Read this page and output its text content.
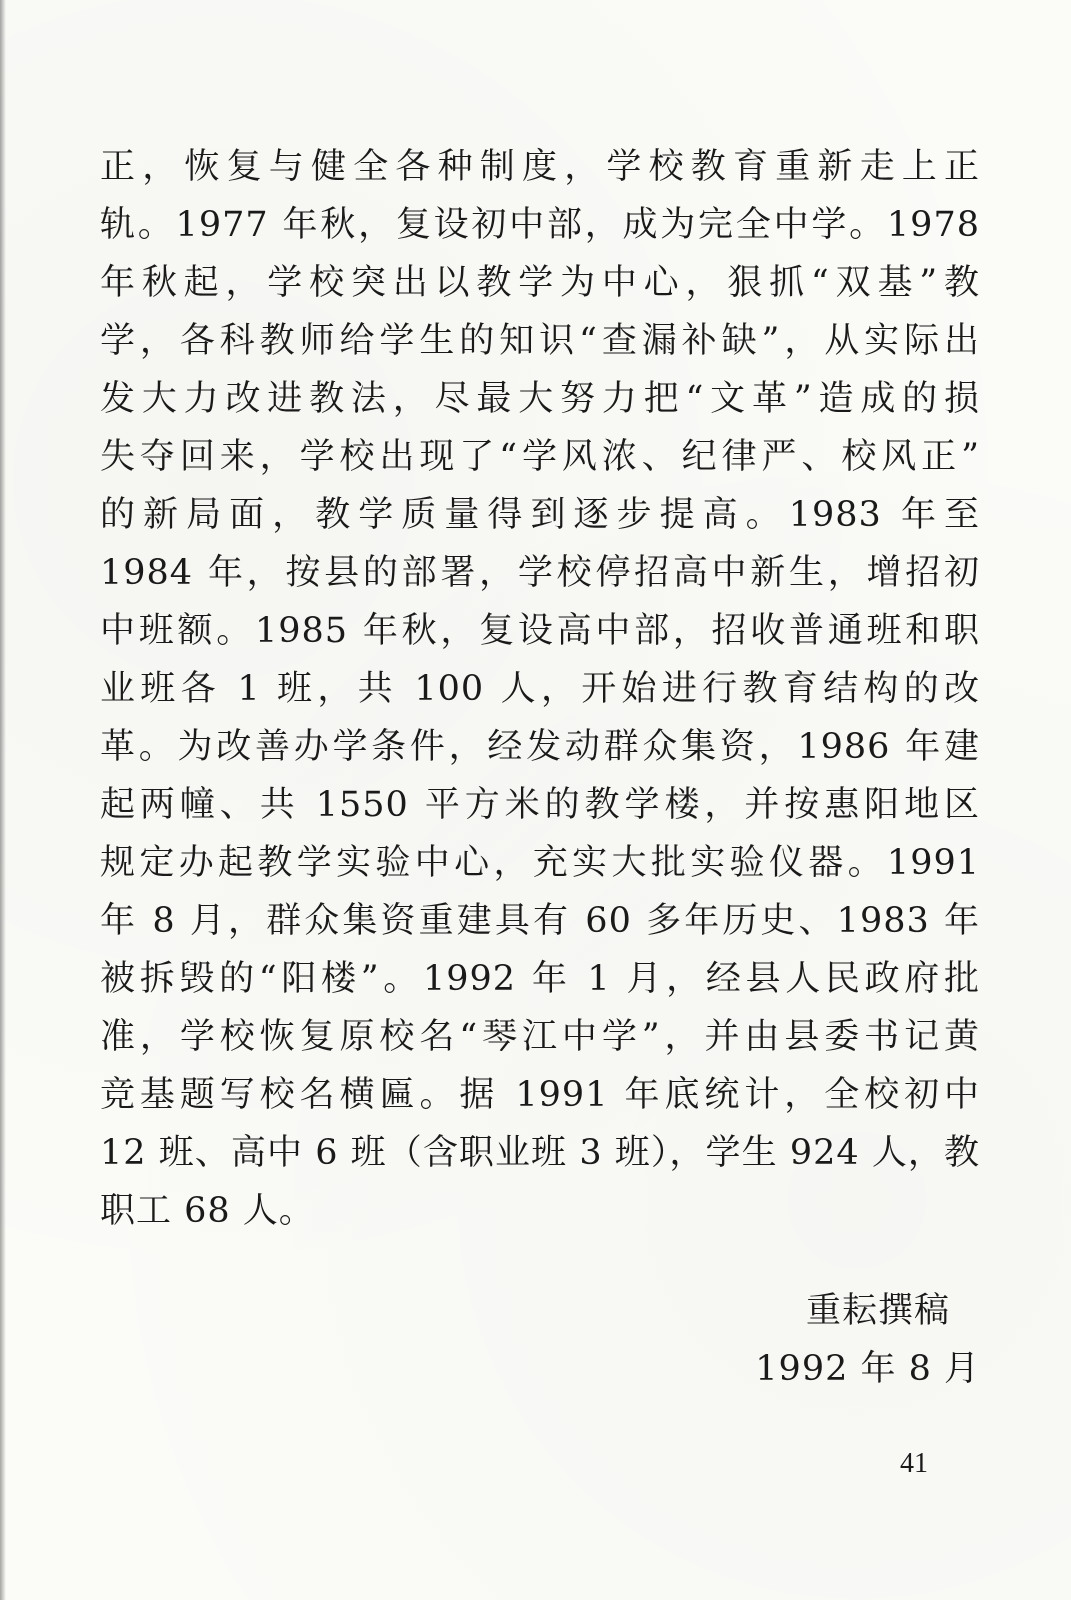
正，恢复与健全各种制度，学校教育重新走上正
轨。1977 年秋，复设初中部，成为完全中学。1978
年秋起，学校突出以教学为中心，狠抓“双基”教
学，各科教师给学生的知识“查漏补缺”，从实际出
发大力改进教法，尽最大努力把“文革”造成的损
失夺回来，学校出现了“学风浓、纪律严、校风正”
的新局面，教学质量得到逐步提高。1983 年至
1984 年，按县的部署，学校停招高中新生，增招初
中班额。1985 年秋，复设高中部，招收普通班和职
业班各 1 班，共 100 人，开始进行教育结构的改
革。为改善办学条件，经发动群众集资，1986 年建
起两幢、共 1550 平方米的教学楼，并按惠阳地区
规定办起教学实验中心，充实大批实验仪器。1991
年 8 月，群众集资重建具有 60 多年历史、1983 年
被拆毁的“阳楼”。1992 年 1 月，经县人民政府批
准，学校恢复原校名“琴江中学”，并由县委书记黄
竞基题写校名横匾。据 1991 年底统计，全校初中
12 班、高中 6 班（含职业班 3 班），学生 924 人，教
职工 68 人。
重耘撰稿
1992 年 8 月
41
